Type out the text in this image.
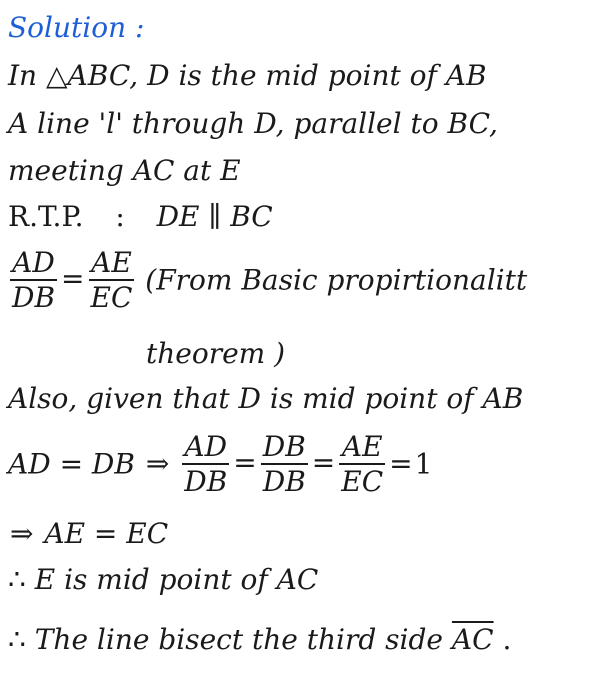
Solution :
In △ABC, D is the mid point of AB
A line 'l' through D, parallel to BC,
meeting AC at E
R.T.P. : DE ∥ BC
$\frac{AD}{DB} = \frac{AE}{EC}$ (From Basic propirtionalitt
theorem )
Also, given that D is mid point of AB
AD = DB ⇒ $\frac{AD}{DB} = \frac{DB}{DB} = \frac{AE}{EC} =1$
⇒ AE = EC
∴ E is mid point of AC
∴ The line bisect the third side $\overline{AC}$ .
